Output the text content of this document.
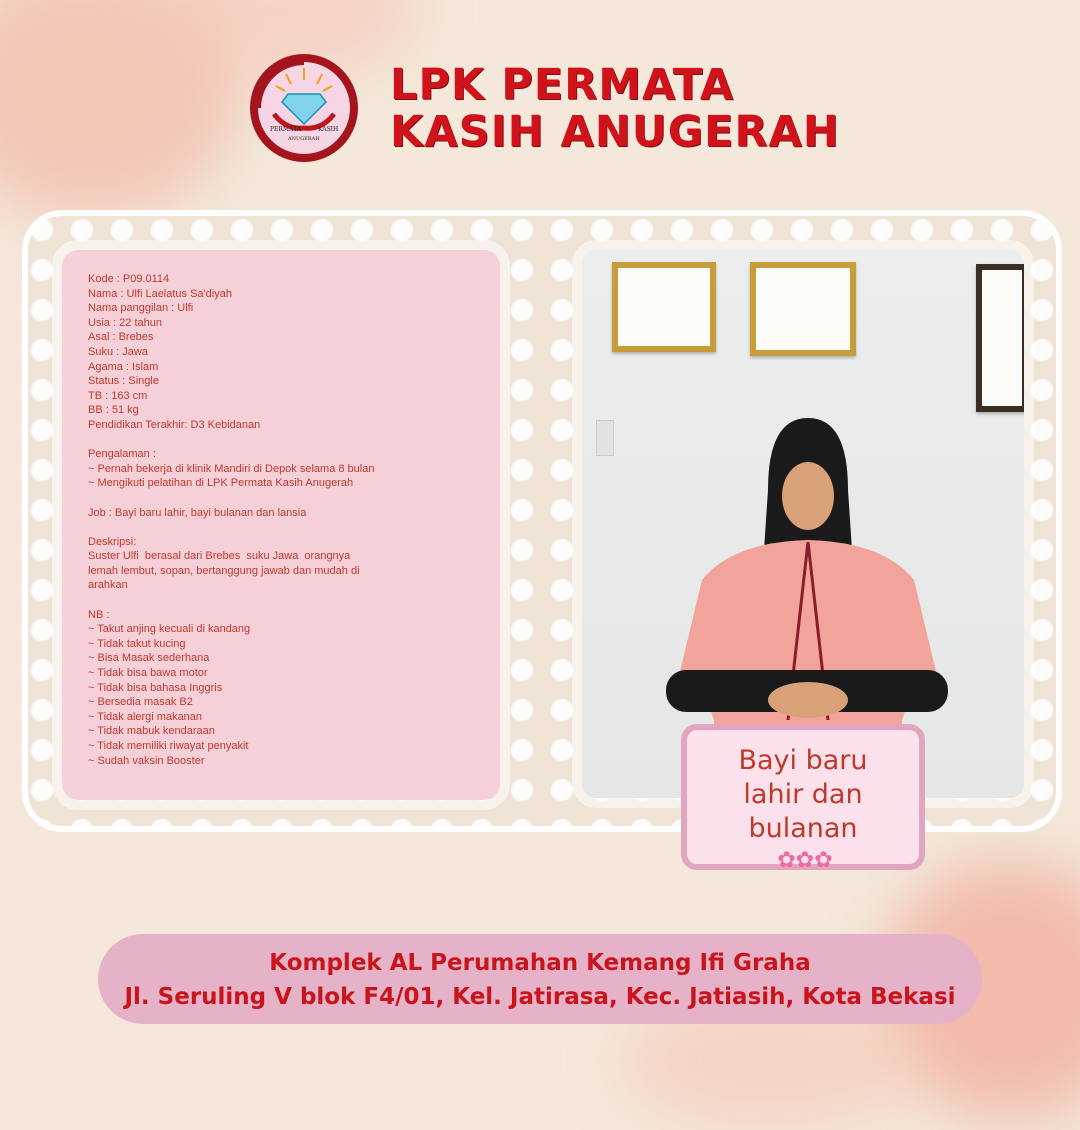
PERMATA	KASIH
ANUGERAH
LPK PERMATA
KASIH ANUGERAH
Kode : P09.0114
Nama : Ulfi Laelatus Sa'diyah
Nama panggilan : Ulfi
Usia : 22 tahun
Asal : Brebes
Suku : Jawa
Agama : Islam
Status : Single
TB : 163 cm
BB : 51 kg
Pendidikan Terakhir: D3 Kebidanan
Pengalaman :
~ Pernah bekerja di klinik Mandiri di Depok selama 8 bulan
~ Mengikuti pelatihan di LPK Permata Kasih Anugerah
Job : Bayi baru lahir, bayi bulanan dan lansia
Deskripsi:
Suster Ulfi  berasal dari Brebes  suku Jawa  orangnya
lemah lembut, sopan, bertanggung jawab dan mudah di
arahkan
NB :
~ Takut anjing kecuali di kandang
~ Tidak takut kucing
~ Bisa Masak sederhana
~ Tidak bisa bawa motor
~ Tidak bisa bahasa Inggris
~ Bersedia masak B2
~ Tidak alergi makanan
~ Tidak mabuk kendaraan
~ Tidak memiliki riwayat penyakit
~ Sudah vaksin Booster	Bayi baru
lahir dan
bulanan
✿✿✿
Komplek AL Perumahan Kemang Ifi Graha
Jl. Seruling V blok F4/01, Kel. Jatirasa, Kec. Jatiasih, Kota Bekasi
